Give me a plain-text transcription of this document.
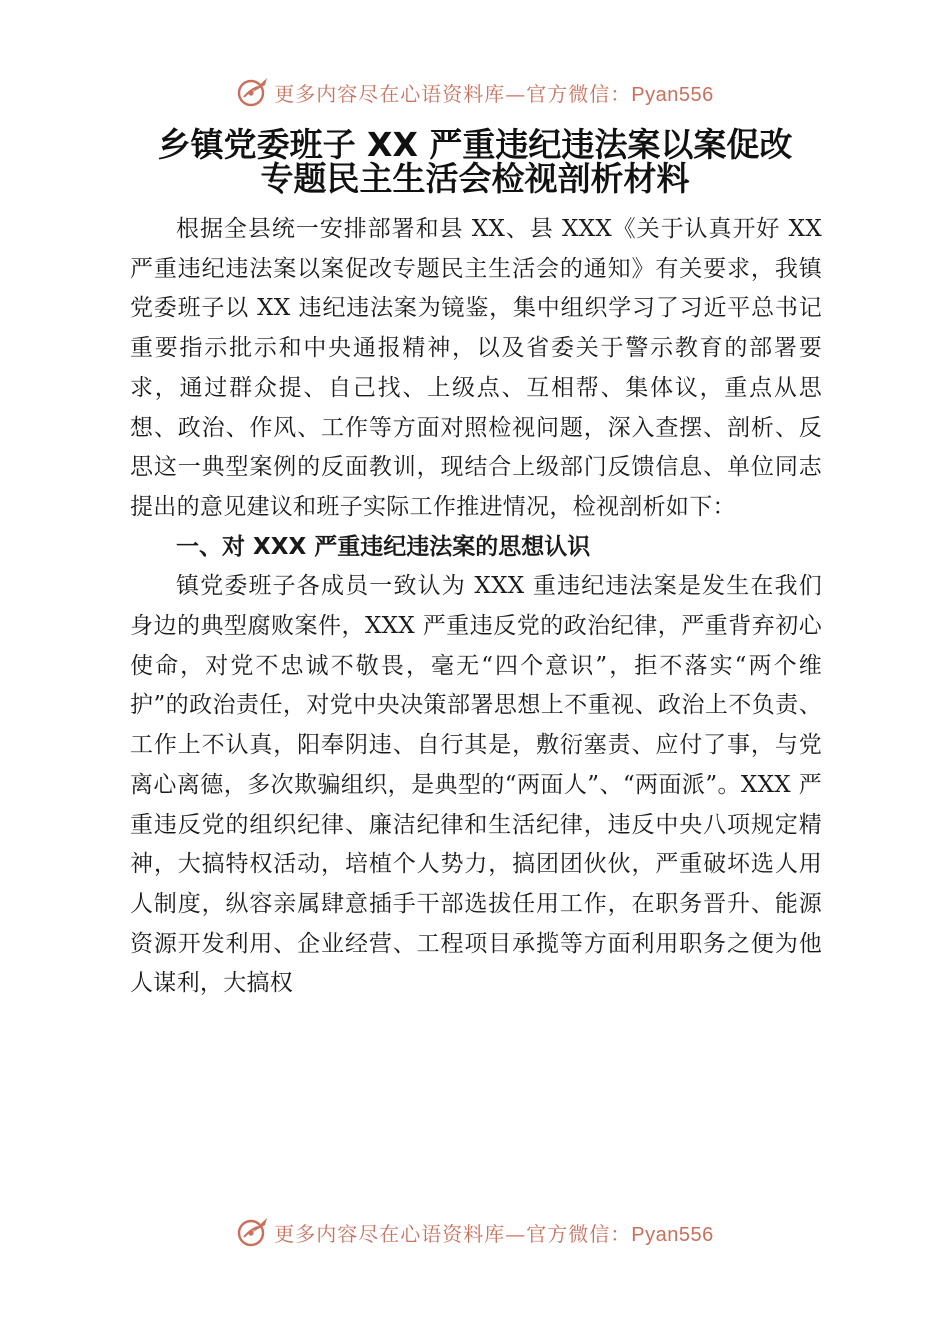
更多内容尽在心语资料库—官方微信：Pyan556
乡镇党委班子 XX 严重违纪违法案以案促改
专题民主生活会检视剖析材料

根据全县统一安排部署和县 XX、县 XXX《关于认真开好 XX 严重违纪违法案以案促改专题民主生活会的通知》有关要求，我镇党委班子以 XX 违纪违法案为镜鉴，集中组织学习了习近平总书记重要指示批示和中央通报精神，以及省委关于警示教育的部署要求，通过群众提、自己找、上级点、互相帮、集体议，重点从思想、政治、作风、工作等方面对照检视问题，深入查摆、剖析、反思这一典型案例的反面教训，现结合上级部门反馈信息、单位同志提出的意见建议和班子实际工作推进情况，检视剖析如下：

一、对 XXX 严重违纪违法案的思想认识

镇党委班子各成员一致认为 XXX 重违纪违法案是发生在我们身边的典型腐败案件，XXX 严重违反党的政治纪律，严重背弃初心使命，对党不忠诚不敬畏，毫无“四个意识”，拒不落实“两个维护”的政治责任，对党中央决策部署思想上不重视、政治上不负责、工作上不认真，阳奉阴违、自行其是，敷衍塞责、应付了事，与党离心离德，多次欺骗组织，是典型的“两面人”、“两面派”。XXX 严重违反党的组织纪律、廉洁纪律和生活纪律，违反中央八项规定精神，大搞特权活动，培植个人势力，搞团团伙伙，严重破坏选人用人制度，纵容亲属肆意插手干部选拔任用工作，在职务晋升、能源资源开发利用、企业经营、工程项目承揽等方面利用职务之便为他人谋利，大搞权

更多内容尽在心语资料库—官方微信：Pyan556
